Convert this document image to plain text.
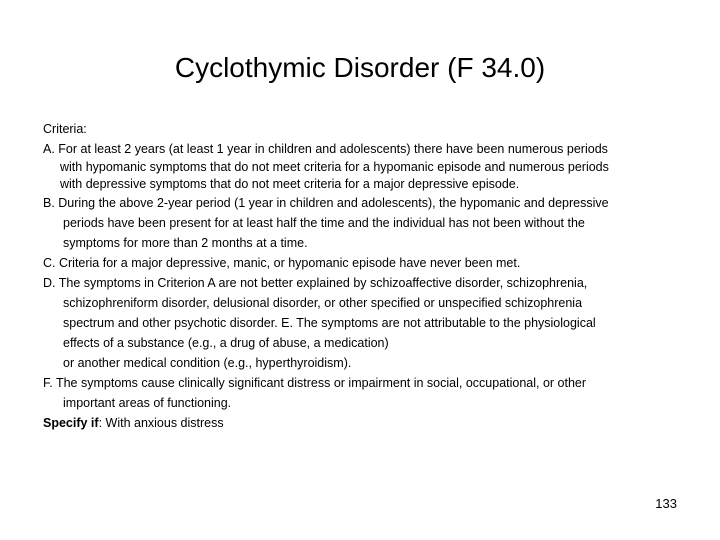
Cyclothymic Disorder (F 34.0)
Criteria:
A. For at least 2 years (at least 1 year in children and adolescents) there have been numerous periods
with hypomanic symptoms that do not meet criteria for a hypomanic episode and numerous periods
with depressive symptoms that do not meet criteria for a major depressive episode.
B. During the above 2-year period (1 year in children and adolescents), the hypomanic and depressive
periods have been present for at least half the time and the individual has not been without the
symptoms for more than 2 months at a time.
C. Criteria for a major depressive, manic, or hypomanic episode have never been met.
D. The symptoms in Criterion A are not better explained by schizoaffective disorder, schizophrenia,
schizophreniform disorder, delusional disorder, or other specified or unspecified schizophrenia
spectrum and other psychotic disorder. E. The symptoms are not attributable to the physiological
effects of a substance (e.g., a drug of abuse, a medication)
or another medical condition (e.g., hyperthyroidism).
F. The symptoms cause clinically significant distress or impairment in social, occupational, or other
important areas of functioning.
Specify if: With anxious distress
133
